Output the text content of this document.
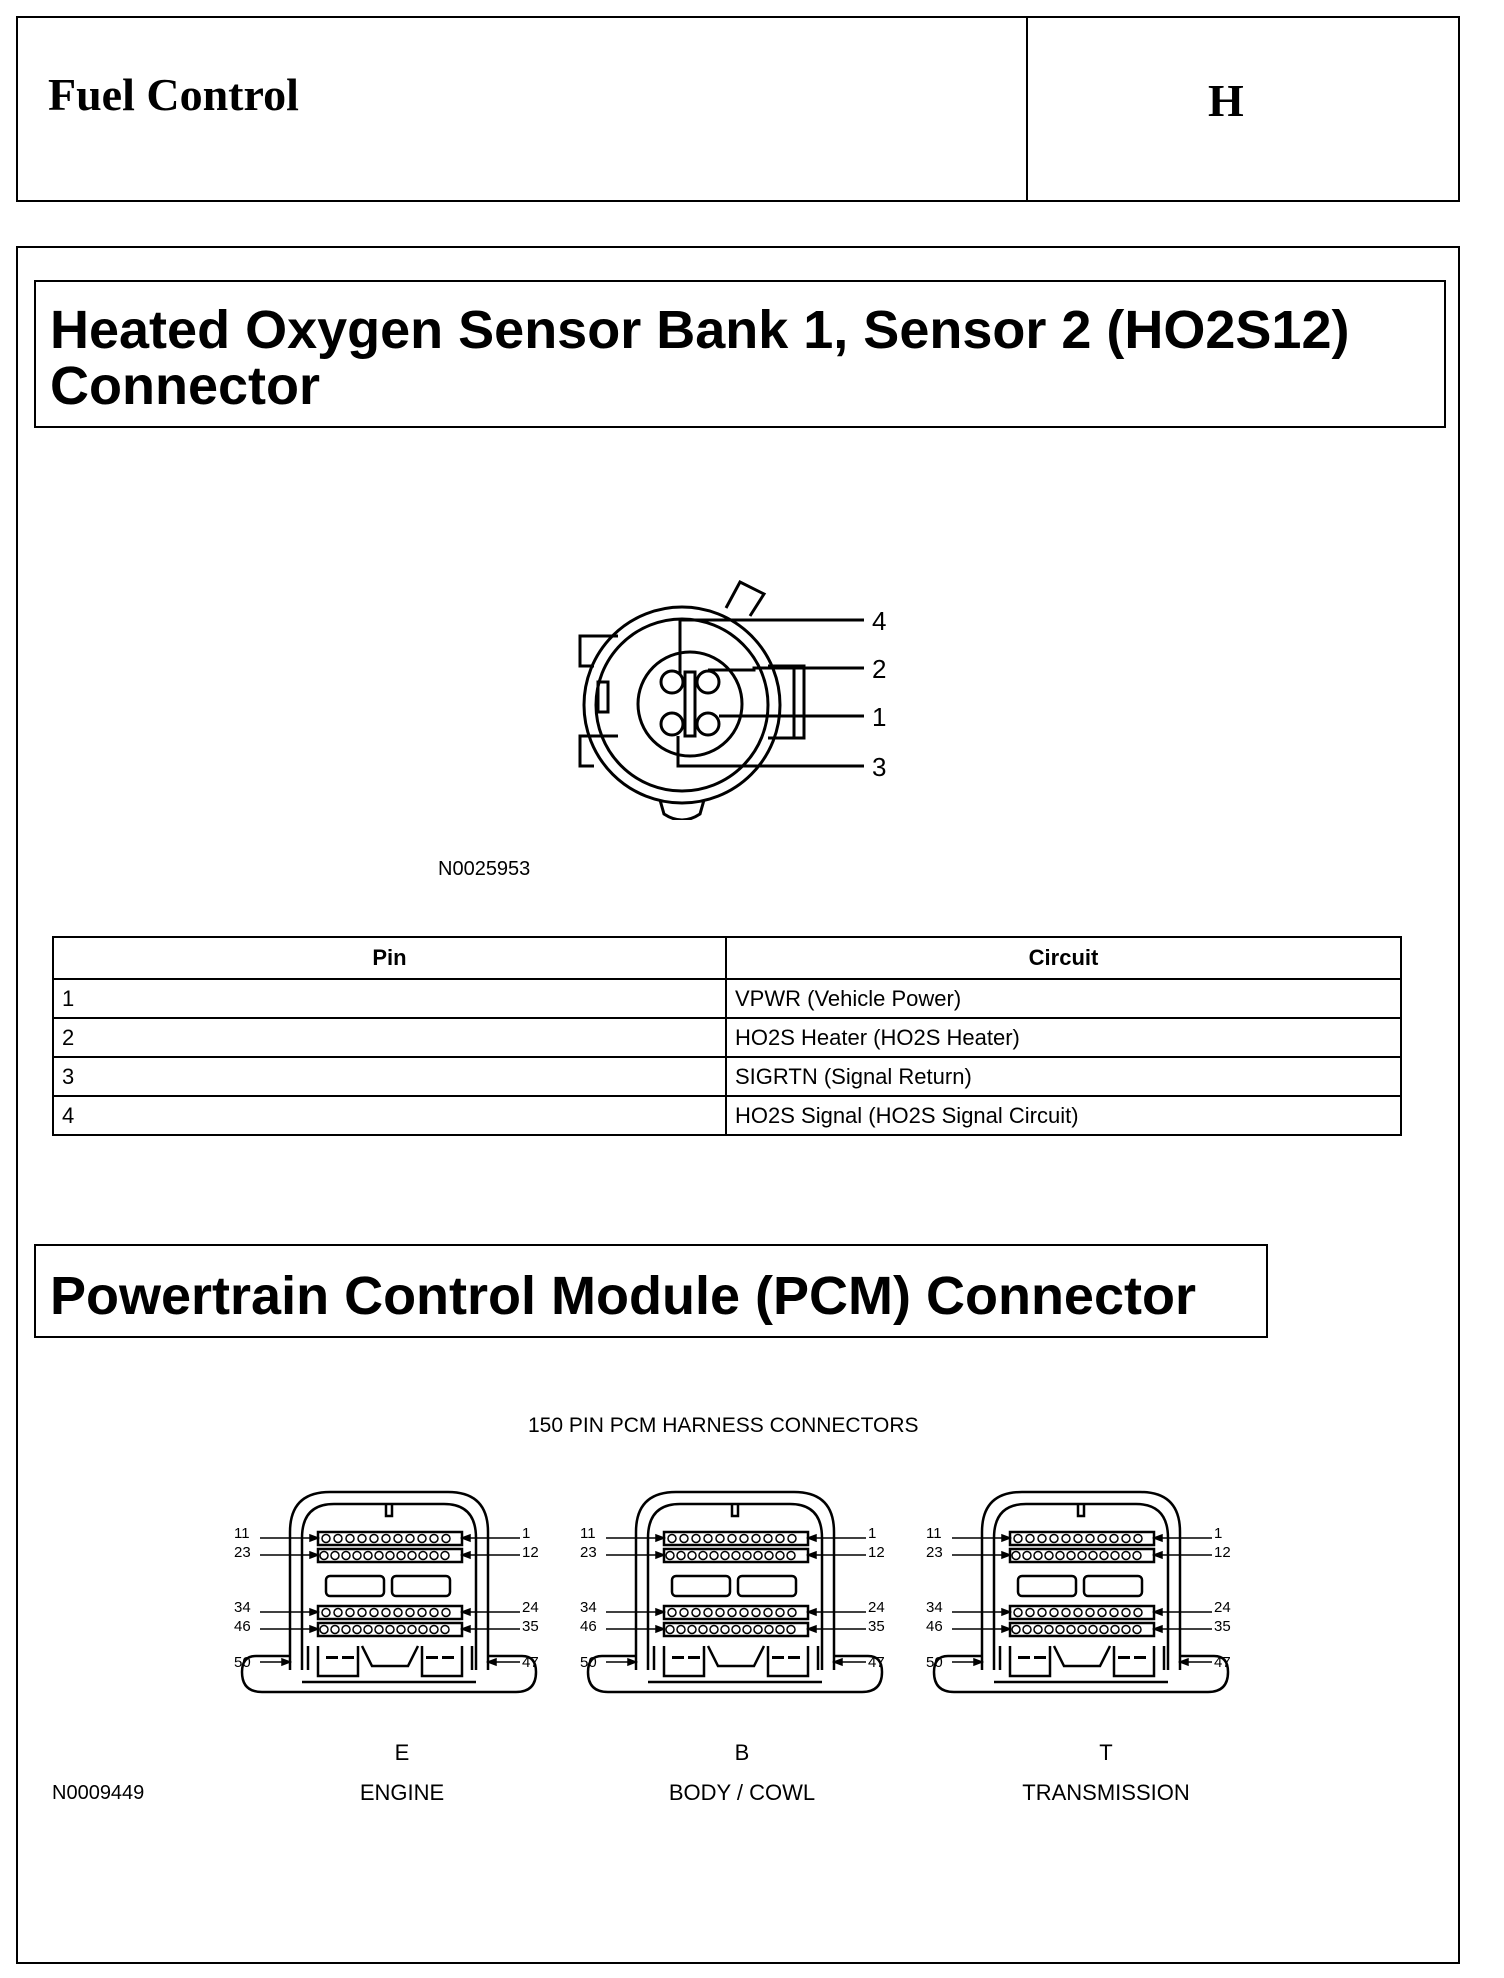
Fuel Control	H
Heated Oxygen Sensor Bank 1, Sensor 2 (HO2S12)
Connector
4
2
1
3
N0025953
Pin	Circuit
1	VPWR (Vehicle Power)
2	HO2S Heater (HO2S Heater)
3	SIGRTN (Signal Return)
4	HO2S Signal (HO2S Signal Circuit)
Powertrain Control Module (PCM) Connector
150 PIN PCM HARNESS CONNECTORS
11
23
1
12
34
46
24
35
50	47
11
23
1
12
34
46
24
35
50	47
11
23
1
12
34
46
24
35
50	47
E
ENGINE
B
BODY / COWL
T
TRANSMISSION
N0009449
